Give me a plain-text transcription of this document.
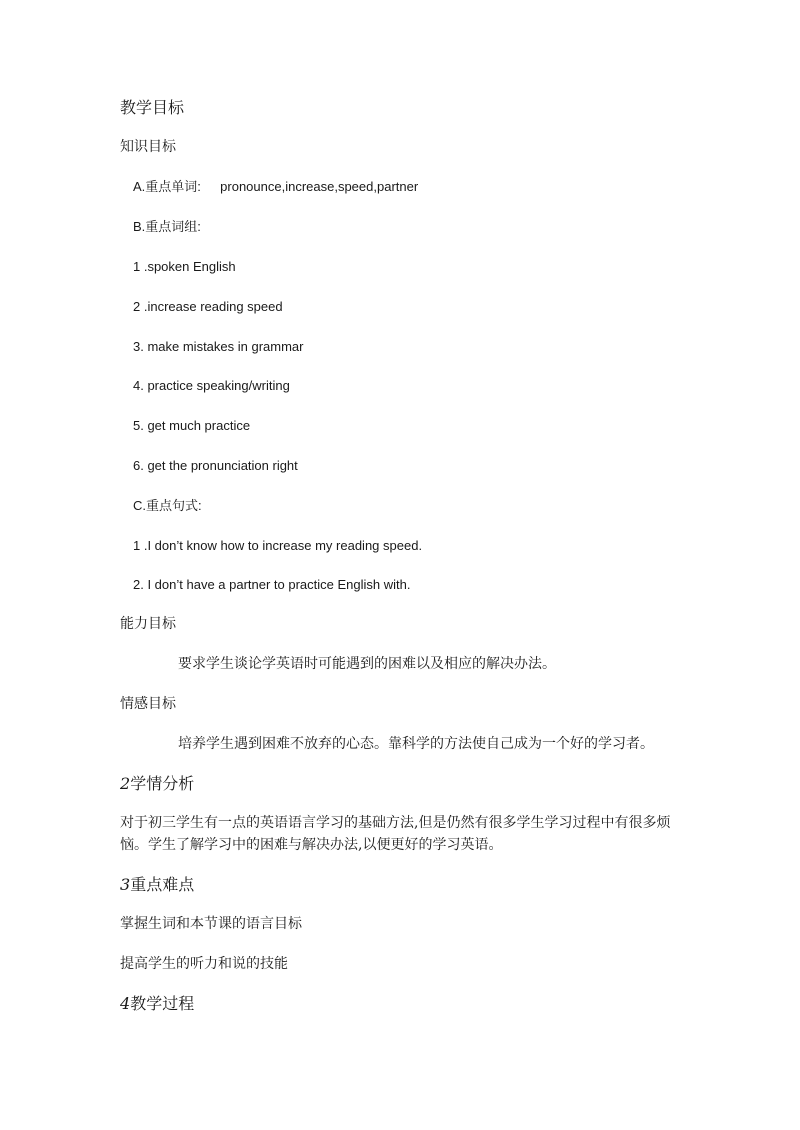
教学目标
知识目标
A.重点单词: pronounce,increase,speed,partner
B.重点词组:
1 .spoken English
2 .increase reading speed
3. make mistakes in grammar
4. practice speaking/writing
5. get much practice
6. get the pronunciation right
C.重点句式:
1 .I don’t know how to increase my reading speed.
2. I don’t have a partner to practice English with.
能力目标
要求学生谈论学英语时可能遇到的困难以及相应的解决办法。
情感目标
培养学生遇到困难不放弃的心态。靠科学的方法使自己成为一个好的学习者。
2学情分析
对于初三学生有一点的英语语言学习的基础方法,但是仍然有很多学生学习过程中有很多烦
恼。学生了解学习中的困难与解决办法,以便更好的学习英语。
3重点难点
掌握生词和本节课的语言目标
提高学生的听力和说的技能
4教学过程
